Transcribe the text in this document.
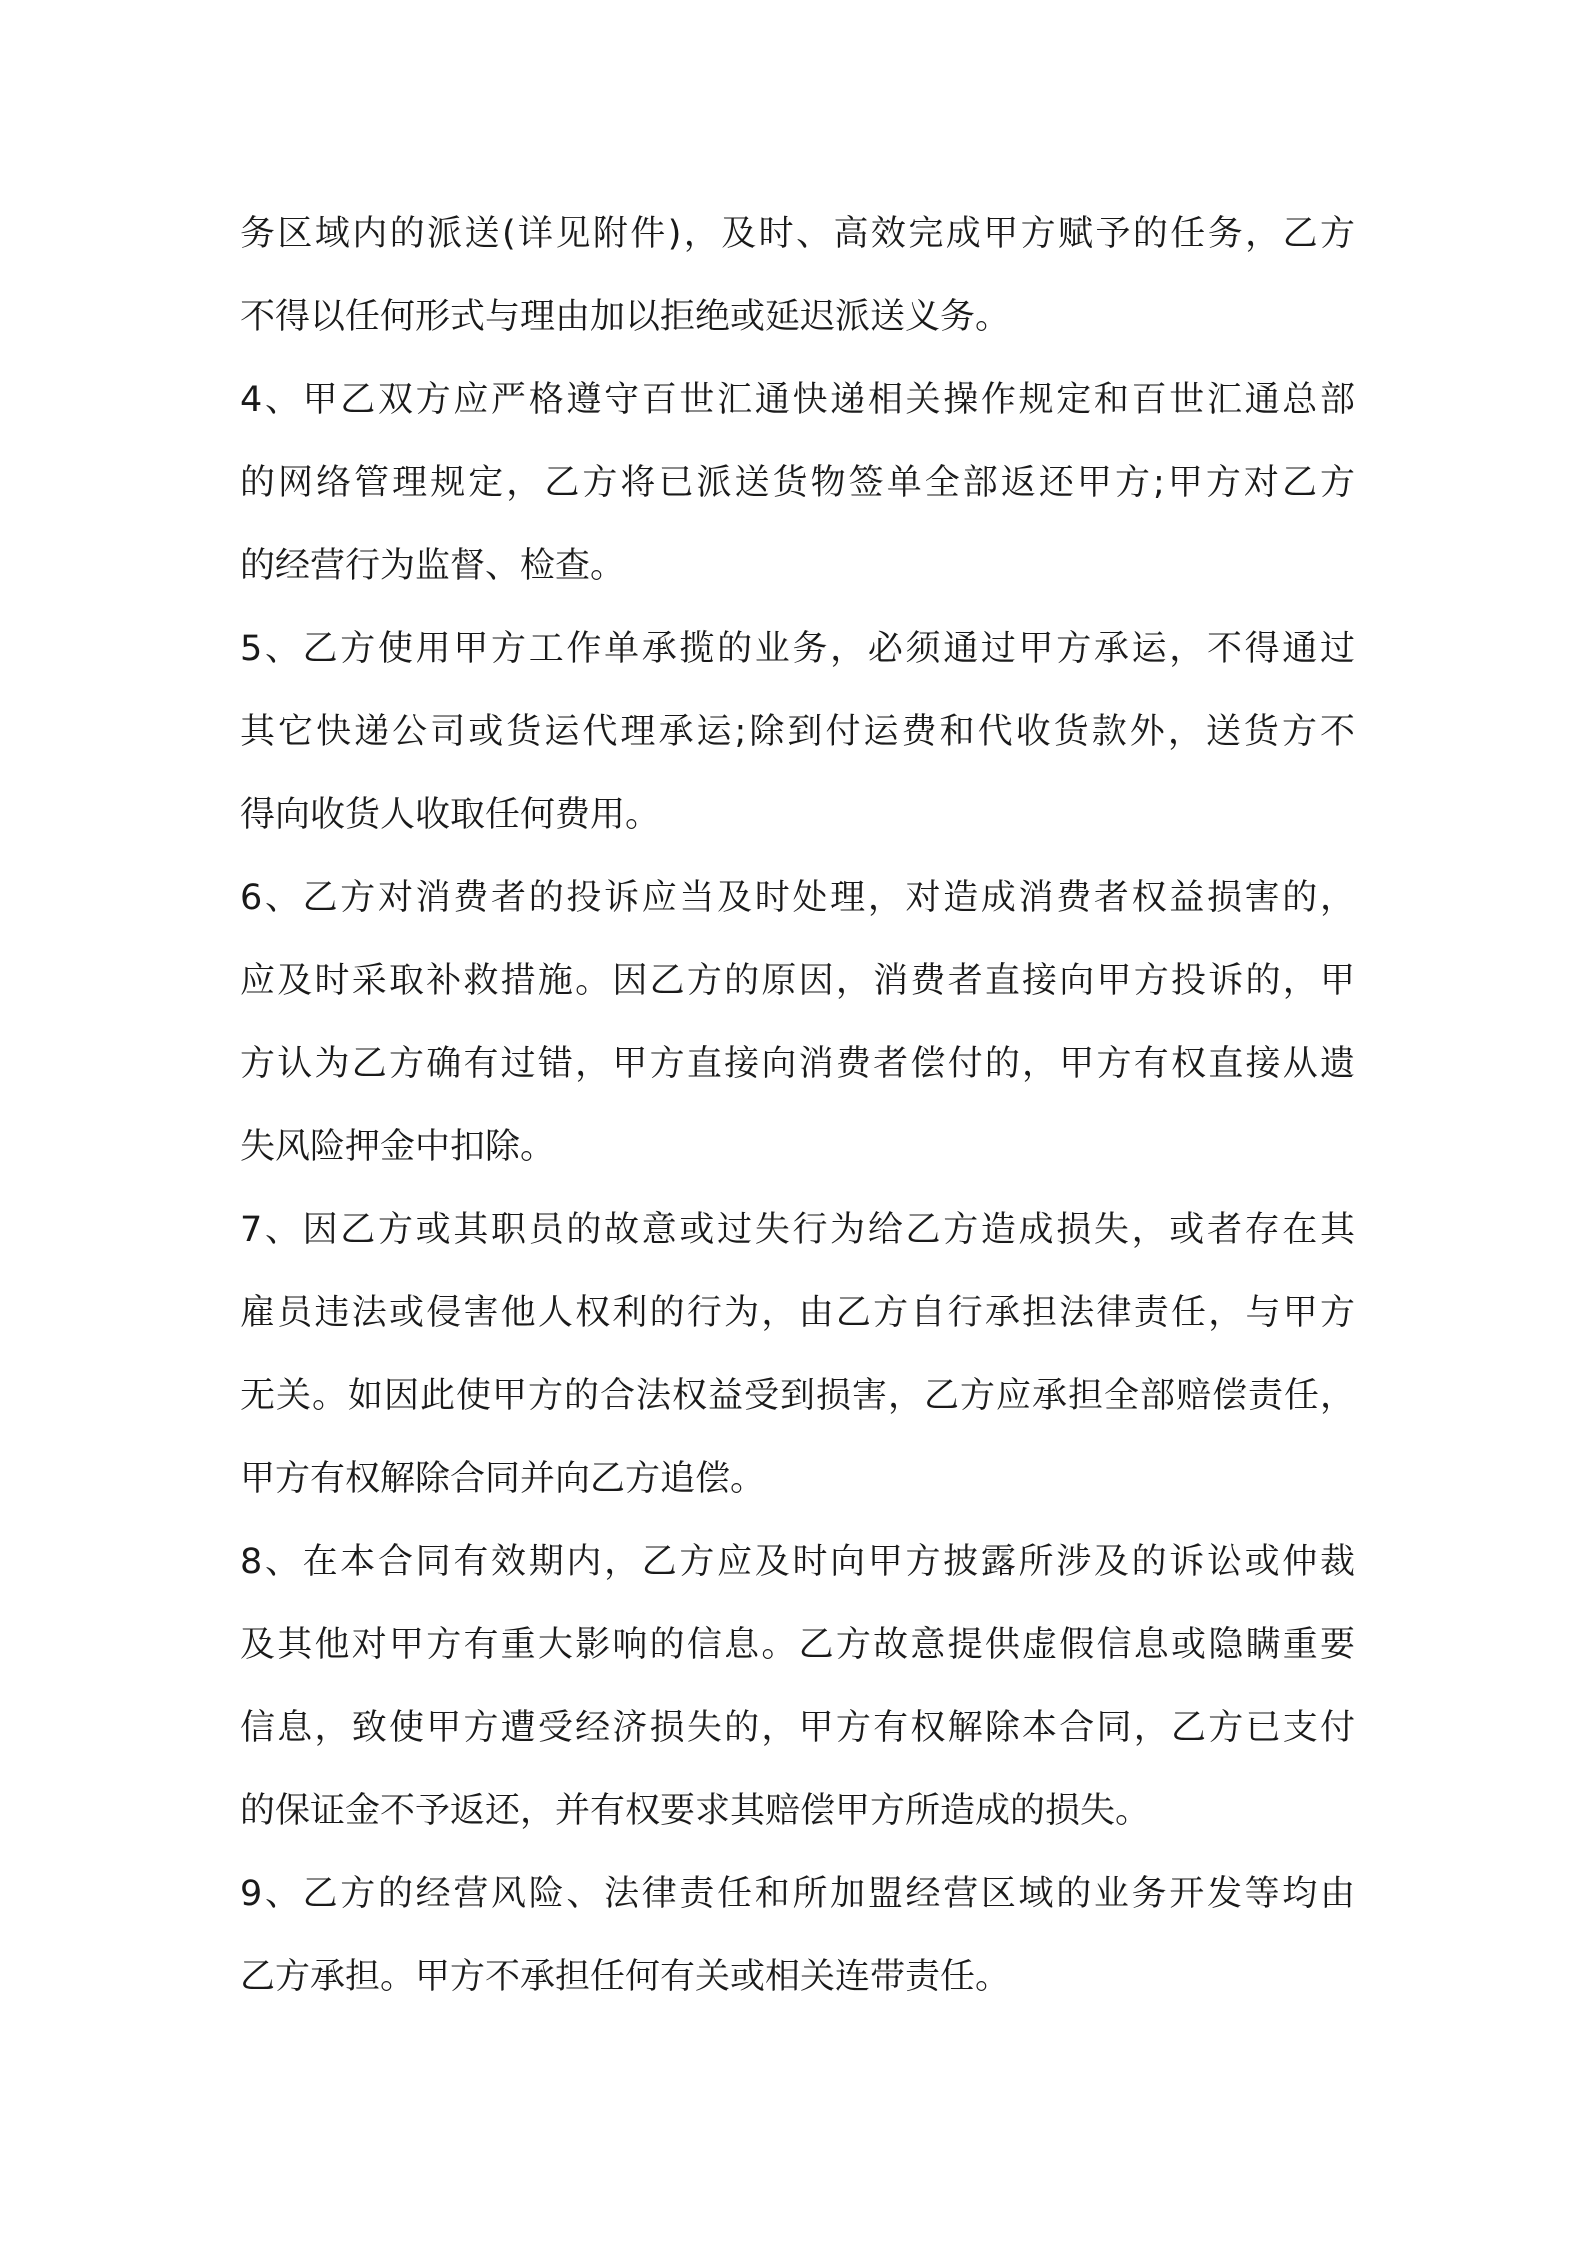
务区域内的派送(详见附件)，及时、高效完成甲方赋予的任务，乙方
不得以任何形式与理由加以拒绝或延迟派送义务。
4、甲乙双方应严格遵守百世汇通快递相关操作规定和百世汇通总部
的网络管理规定，乙方将已派送货物签单全部返还甲方;甲方对乙方
的经营行为监督、检查。
5、乙方使用甲方工作单承揽的业务，必须通过甲方承运，不得通过
其它快递公司或货运代理承运;除到付运费和代收货款外，送货方不
得向收货人收取任何费用。
6、乙方对消费者的投诉应当及时处理，对造成消费者权益损害的，
应及时采取补救措施。因乙方的原因，消费者直接向甲方投诉的，甲
方认为乙方确有过错，甲方直接向消费者偿付的，甲方有权直接从遗
失风险押金中扣除。
7、因乙方或其职员的故意或过失行为给乙方造成损失，或者存在其
雇员违法或侵害他人权利的行为，由乙方自行承担法律责任，与甲方
无关。如因此使甲方的合法权益受到损害，乙方应承担全部赔偿责任，
甲方有权解除合同并向乙方追偿。
8、在本合同有效期内，乙方应及时向甲方披露所涉及的诉讼或仲裁
及其他对甲方有重大影响的信息。乙方故意提供虚假信息或隐瞒重要
信息，致使甲方遭受经济损失的，甲方有权解除本合同，乙方已支付
的保证金不予返还，并有权要求其赔偿甲方所造成的损失。
9、乙方的经营风险、法律责任和所加盟经营区域的业务开发等均由
乙方承担。甲方不承担任何有关或相关连带责任。
